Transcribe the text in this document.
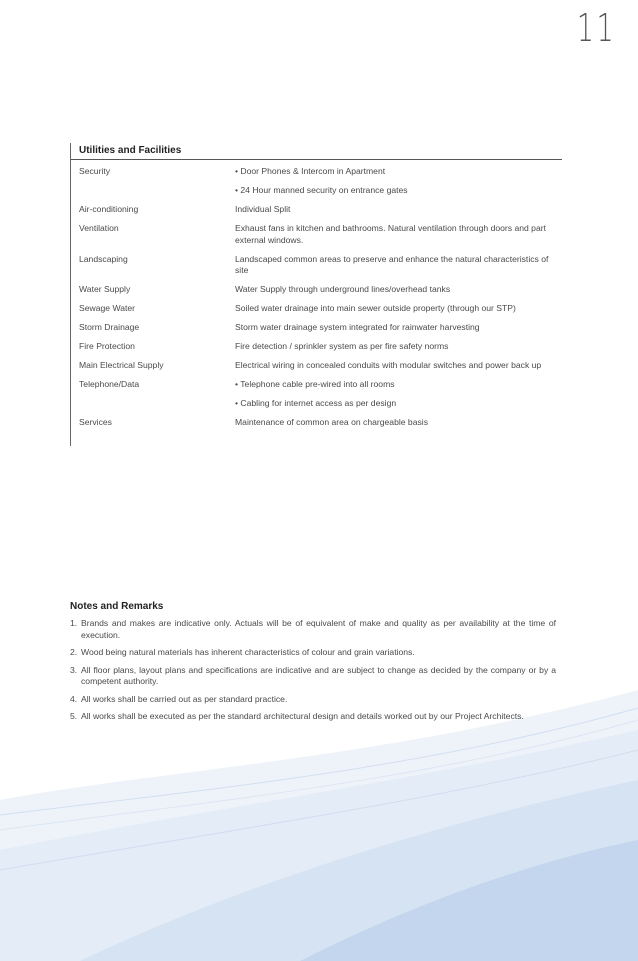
11
Utilities and Facilities
Security	• Door Phones & Intercom in Apartment
• 24 Hour manned security on entrance gates
Air-conditioning	Individual Split
Ventilation	Exhaust fans in kitchen and bathrooms. Natural ventilation through doors and part external windows.
Landscaping	Landscaped common areas to preserve and enhance the natural characteristics of site
Water Supply	Water Supply through underground lines/overhead tanks
Sewage Water	Soiled water drainage into main sewer outside property (through our STP)
Storm Drainage	Storm water drainage system integrated for rainwater harvesting
Fire Protection	Fire detection / sprinkler system as per fire safety norms
Main Electrical Supply	Electrical wiring in concealed conduits with modular switches and power back up
Telephone/Data	• Telephone cable pre-wired into all rooms
• Cabling for internet access as per design
Services	Maintenance of common area on chargeable basis
Notes and Remarks
1. Brands and makes are indicative only. Actuals will be of equivalent of make and quality as per availability at the time of execution.
2. Wood being natural materials has inherent characteristics of colour and grain variations.
3. All floor plans, layout plans and specifications are indicative and are subject to change as decided by the company or by a competent authority.
4. All works shall be carried out as per standard practice.
5. All works shall be executed as per the standard architectural design and details worked out by our Project Architects.
